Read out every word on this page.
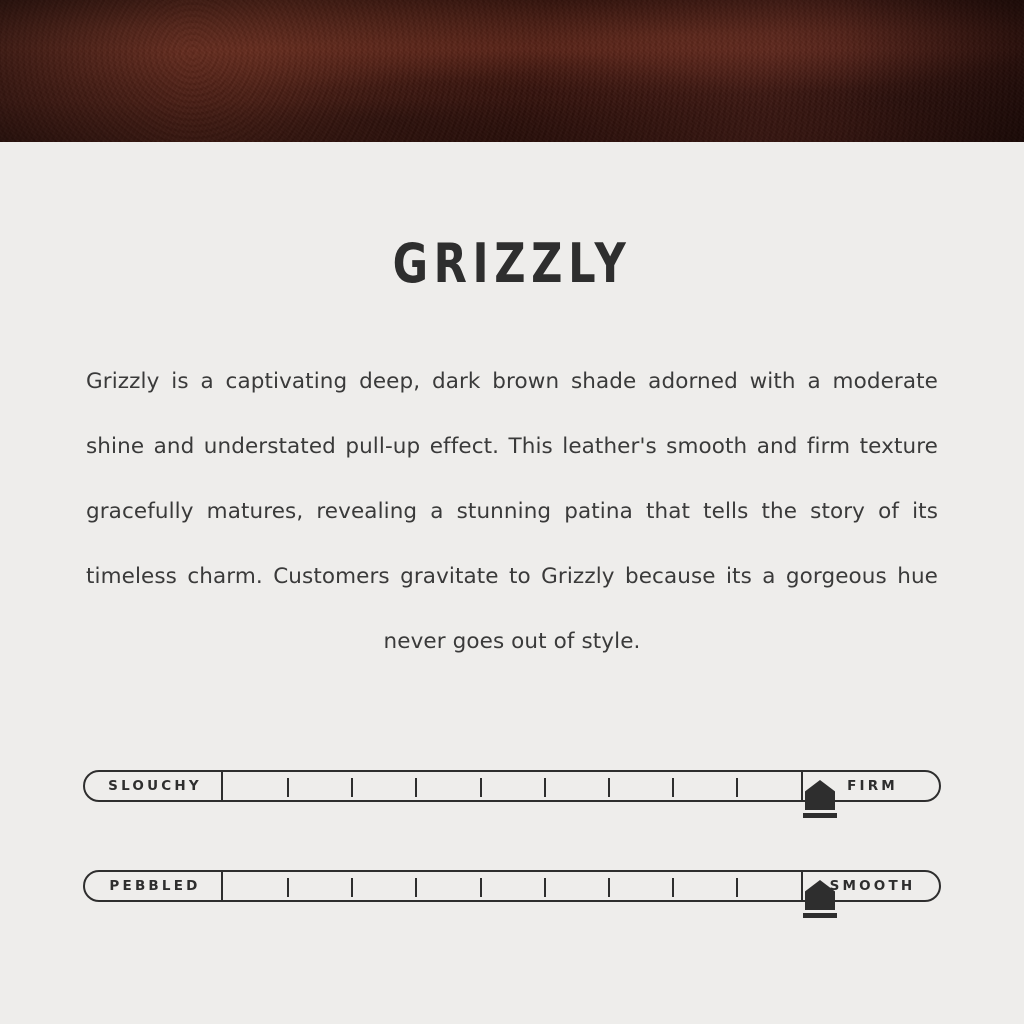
GRIZZLY

Grizzly is a captivating deep, dark brown shade adorned with a moderate shine and understated pull-up effect. This leather's smooth and firm texture gracefully matures, revealing a stunning patina that tells the story of its timeless charm. Customers gravitate to Grizzly because its a gorgeous hue never goes out of style.

SLOUCHY	FIRM
PEBBLED	SMOOTH
